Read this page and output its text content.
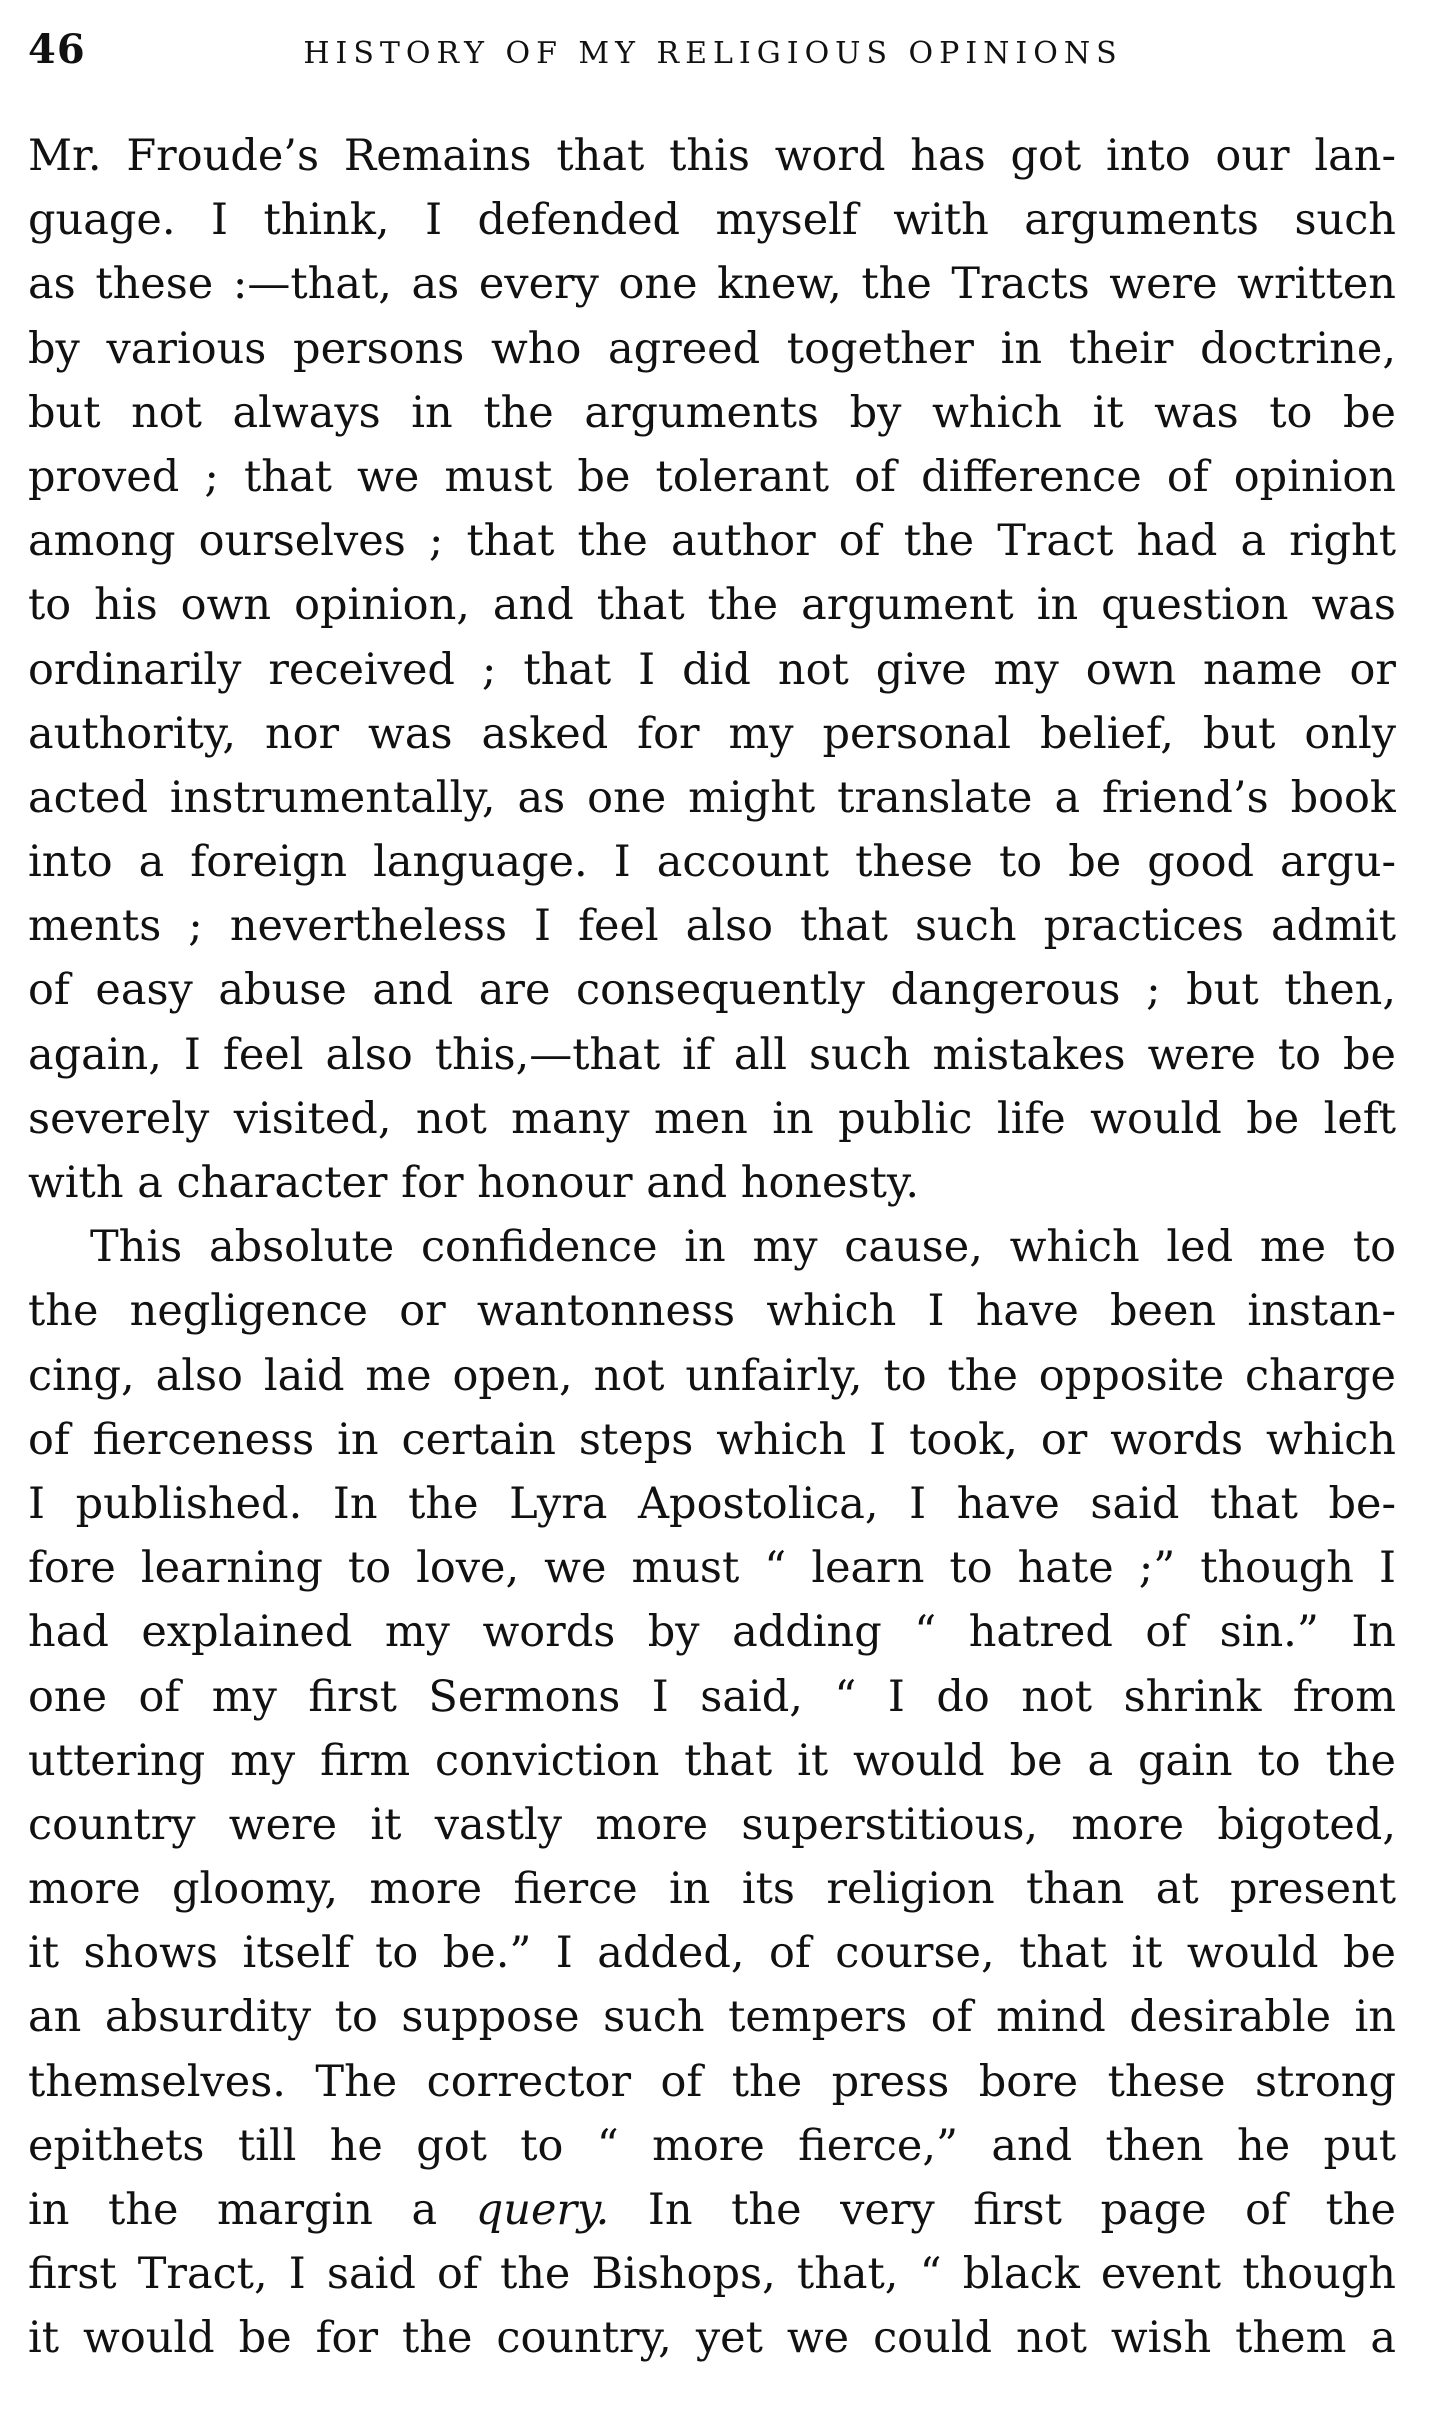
46	HISTORY OF MY RELIGIOUS OPINIONS
Mr. Froude’s Remains that this word has got into our lan-
guage. I think, I defended myself with arguments such
as these :—that, as every one knew, the Tracts were written
by various persons who agreed together in their doctrine,
but not always in the arguments by which it was to be
proved ; that we must be tolerant of difference of opinion
among ourselves ; that the author of the Tract had a right
to his own opinion, and that the argument in question was
ordinarily received ; that I did not give my own name or
authority, nor was asked for my personal belief, but only
acted instrumentally, as one might translate a friend’s book
into a foreign language. I account these to be good argu-
ments ; nevertheless I feel also that such practices admit
of easy abuse and are consequently dangerous ; but then,
again, I feel also this,—that if all such mistakes were to be
severely visited, not many men in public life would be left
with a character for honour and honesty.
This absolute confidence in my cause, which led me to
the negligence or wantonness which I have been instan-
cing, also laid me open, not unfairly, to the opposite charge
of fierceness in certain steps which I took, or words which
I published. In the Lyra Apostolica, I have said that be-
fore learning to love, we must “ learn to hate ;” though I
had explained my words by adding “ hatred of sin.” In
one of my first Sermons I said, “ I do not shrink from
uttering my firm conviction that it would be a gain to the
country were it vastly more superstitious, more bigoted,
more gloomy, more fierce in its religion than at present
it shows itself to be.” I added, of course, that it would be
an absurdity to suppose such tempers of mind desirable in
themselves. The corrector of the press bore these strong
epithets till he got to “ more fierce,” and then he put
in the margin a query. In the very first page of the
first Tract, I said of the Bishops, that, “ black event though
it would be for the country, yet we could not wish them a
